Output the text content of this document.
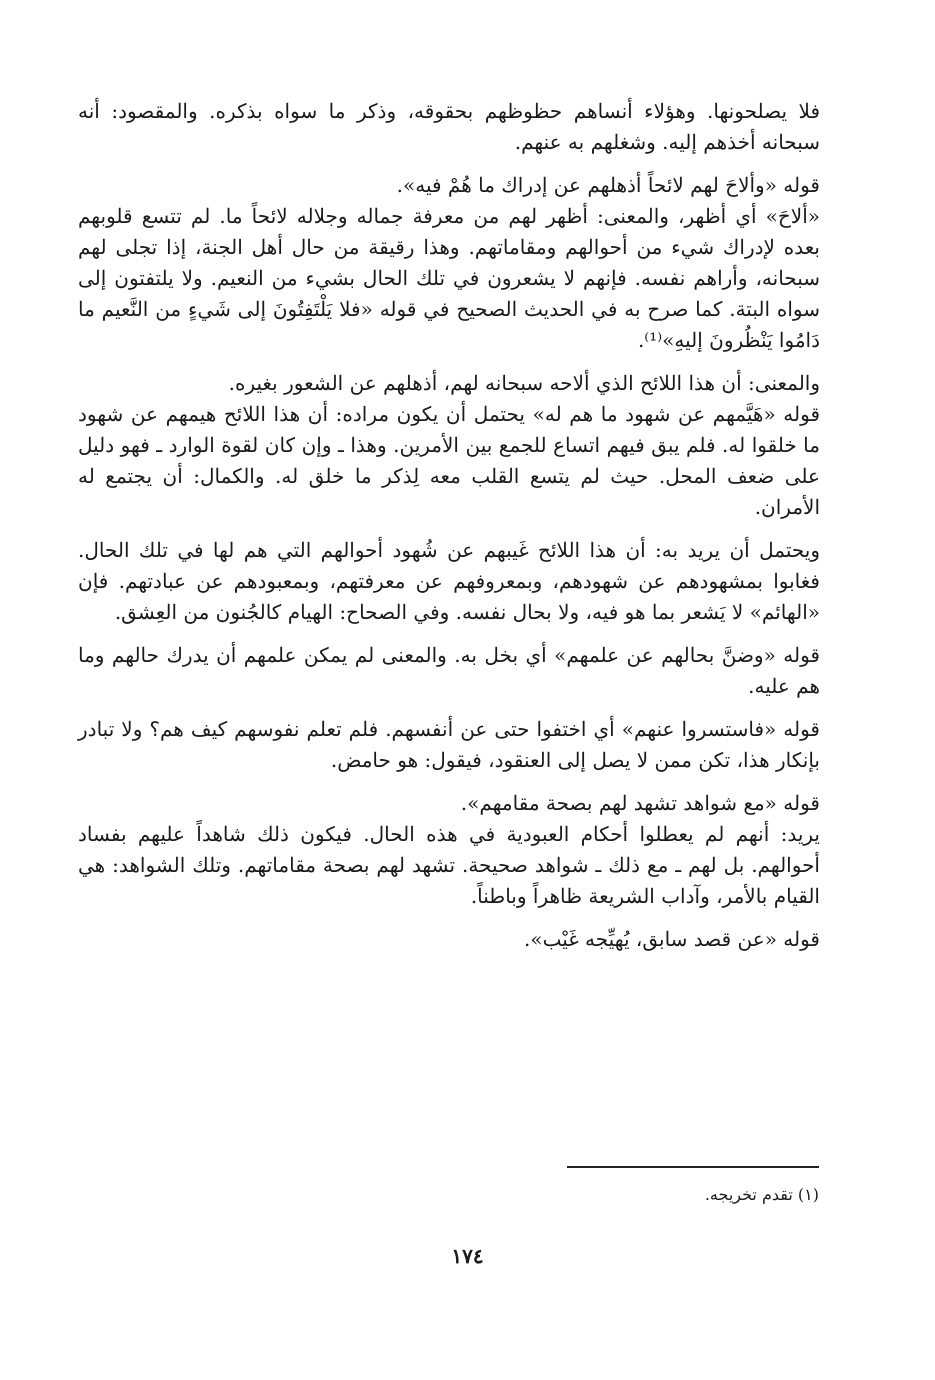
فلا يصلحونها. وهؤلاء أنساهم حظوظهم بحقوقه، وذكر ما سواه بذكره. والمقصود: أنه سبحانه أخذهم إليه. وشغلهم به عنهم.

قوله «وألاحَ لهم لائحاً أذهلهم عن إدراك ما هُمْ فيه».

«ألاحَ» أي أظهر، والمعنى: أظهر لهم من معرفة جماله وجلاله لائحاً ما. لم تتسع قلوبهم بعده لإدراك شيء من أحوالهم ومقاماتهم. وهذا رقيقة من حال أهل الجنة، إذا تجلى لهم سبحانه، وأراهم نفسه. فإنهم لا يشعرون في تلك الحال بشيء من النعيم. ولا يلتفتون إلى سواه البتة. كما صرح به في الحديث الصحيح في قوله «فلا يَلْتَفِتُونَ إلى شَيءٍ من النَّعيم ما دَامُوا يَنْظُرونَ إليهِ»⁽¹⁾.

والمعنى: أن هذا اللائح الذي ألاحه سبحانه لهم، أذهلهم عن الشعور بغيره.

قوله «هَيَّمهم عن شهود ما هم له» يحتمل أن يكون مراده: أن هذا اللائح هيمهم عن شهود ما خلقوا له. فلم يبق فيهم اتساع للجمع بين الأمرين. وهذا ـ وإن كان لقوة الوارد ـ فهو دليل على ضعف المحل. حيث لم يتسع القلب معه لِذكر ما خلق له. والكمال: أن يجتمع له الأمران.

ويحتمل أن يريد به: أن هذا اللائح غَيبهم عن شُهود أحوالهم التي هم لها في تلك الحال. فغابوا بمشهودهم عن شهودهم، وبمعروفهم عن معرفتهم، وبمعبودهم عن عبادتهم. فإن «الهائم» لا يَشعر بما هو فيه، ولا بحال نفسه. وفي الصحاح: الهيام كالجُنون من العِشق.

قوله «وضنَّ بحالهم عن علمهم» أي بخل به. والمعنى لم يمكن علمهم أن يدرك حالهم وما هم عليه.

قوله «فاستسروا عنهم» أي اختفوا حتى عن أنفسهم. فلم تعلم نفوسهم كيف هم؟ ولا تبادر بإنكار هذا، تكن ممن لا يصل إلى العنقود، فيقول: هو حامض.

قوله «مع شواهد تشهد لهم بصحة مقامهم».

يريد: أنهم لم يعطلوا أحكام العبودية في هذه الحال. فيكون ذلك شاهداً عليهم بفساد أحوالهم. بل لهم ـ مع ذلك ـ شواهد صحيحة. تشهد لهم بصحة مقاماتهم. وتلك الشواهد: هي القيام بالأمر، وآداب الشريعة ظاهراً وباطناً.

قوله «عن قصد سابق، يُهيِّجه غَيْب».

(١) تقدم تخريجه.
١٧٤
